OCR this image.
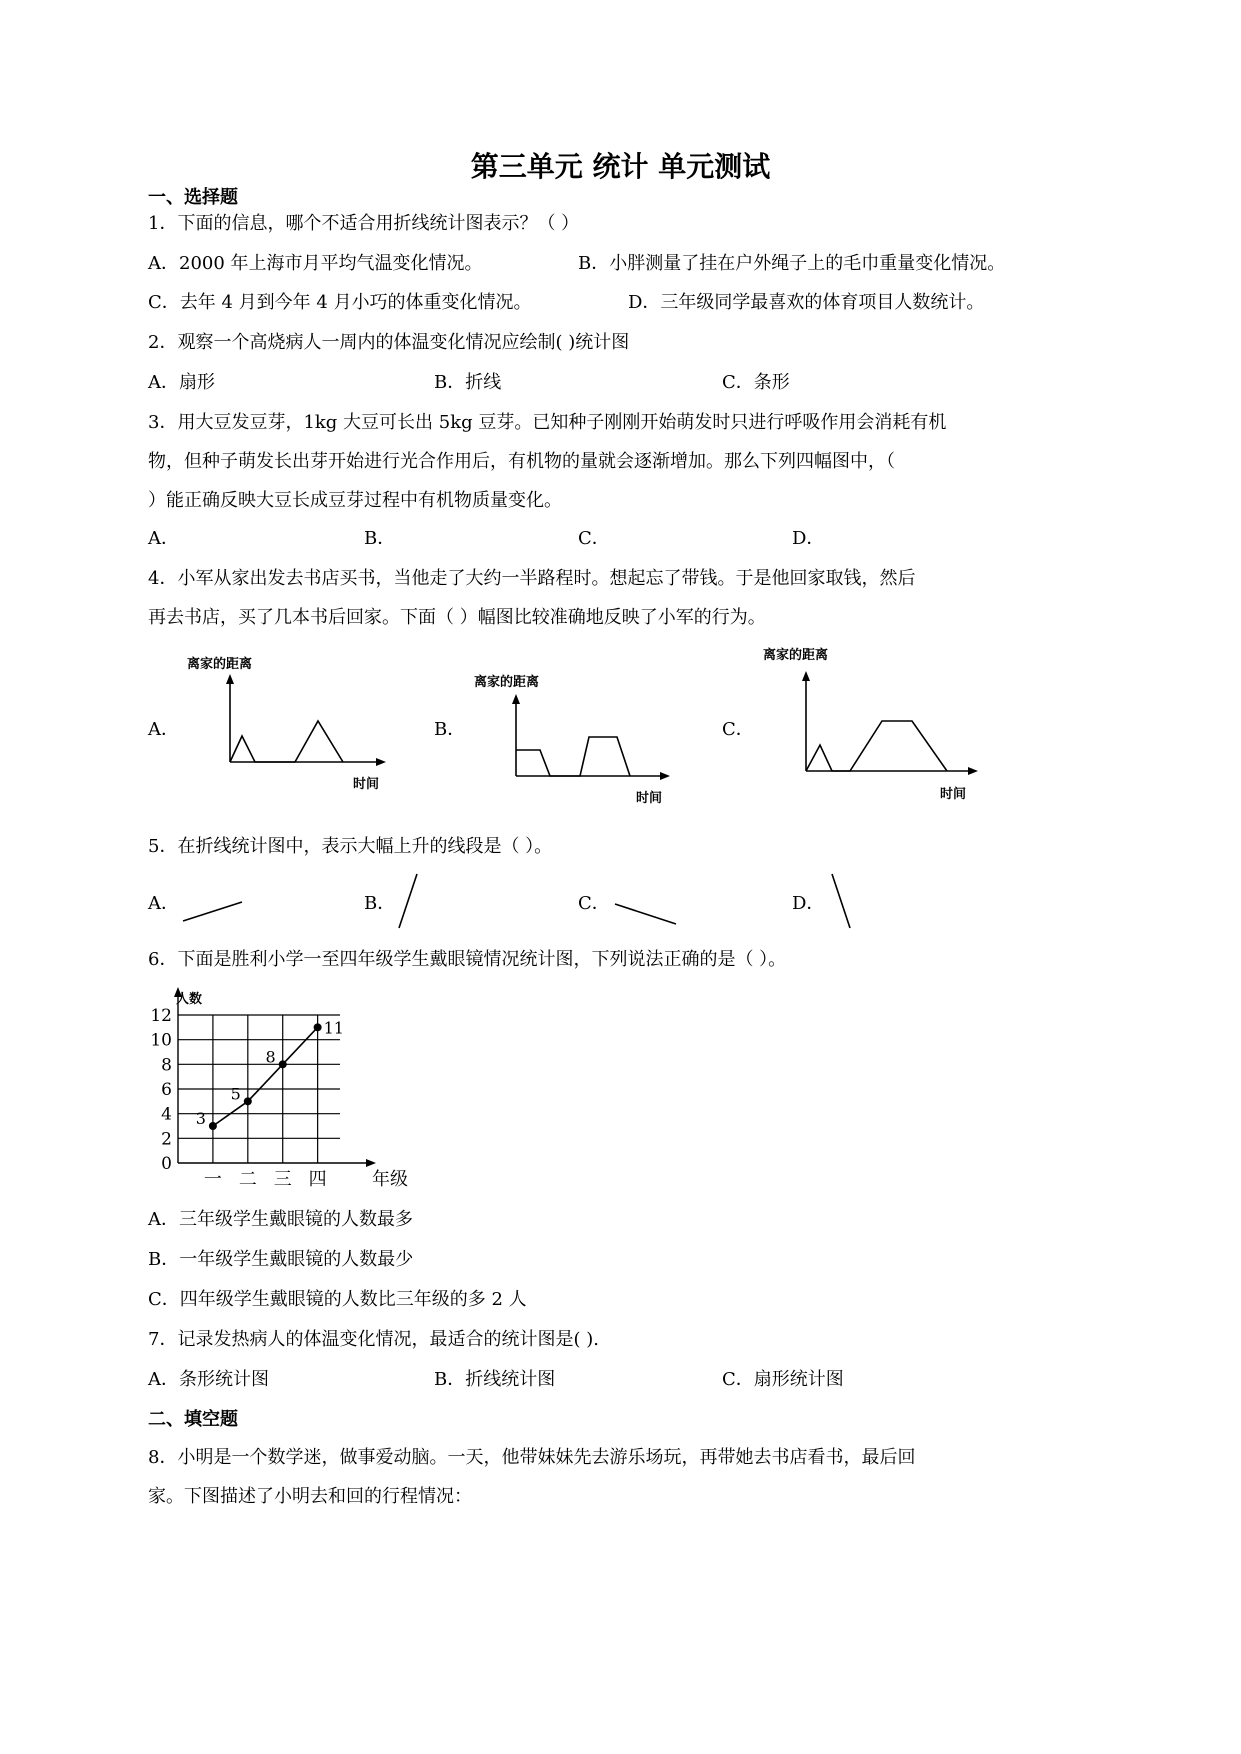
第三单元 统计 单元测试
一、选择题
1．下面的信息，哪个不适合用折线统计图表示？（ ）
A．2000 年上海市月平均气温变化情况。	B．小胖测量了挂在户外绳子上的毛巾重量变化情况。
C．去年 4 月到今年 4 月小巧的体重变化情况。	D．三年级同学最喜欢的体育项目人数统计。
2．观察一个高烧病人一周内的体温变化情况应绘制( )统计图
A．扇形	B．折线	C．条形
3．用大豆发豆芽，1kg 大豆可长出 5kg 豆芽。已知种子刚刚开始萌发时只进行呼吸作用会消耗有机
物，但种子萌发长出芽开始进行光合作用后，有机物的量就会逐渐增加。那么下列四幅图中，（
）能正确反映大豆长成豆芽过程中有机物质量变化。
A．	B．	C．	D．
4．小军从家出发去书店买书，当他走了大约一半路程时。想起忘了带钱。于是他回家取钱，然后
再去书店，买了几本书后回家。下面（ ）幅图比较准确地反映了小军的行为。
A．
离家的距离
时间
B．
离家的距离
时间
C．
离家的距离
时间
5．在折线统计图中，表示大幅上升的线段是（ ）。
A．	B．	C．	D．
6．下面是胜利小学一至四年级学生戴眼镜情况统计图，下列说法正确的是（ ）。
0
2
4
6
8
10
12
一 二 三 四
3
5
8
11
人数
年级
A．三年级学生戴眼镜的人数最多
B．一年级学生戴眼镜的人数最少
C．四年级学生戴眼镜的人数比三年级的多 2 人
7．记录发热病人的体温变化情况，最适合的统计图是( ).
A．条形统计图	B．折线统计图	C．扇形统计图
二、填空题
8．小明是一个数学迷，做事爱动脑。一天，他带妹妹先去游乐场玩，再带她去书店看书，最后回
家。下图描述了小明去和回的行程情况：
